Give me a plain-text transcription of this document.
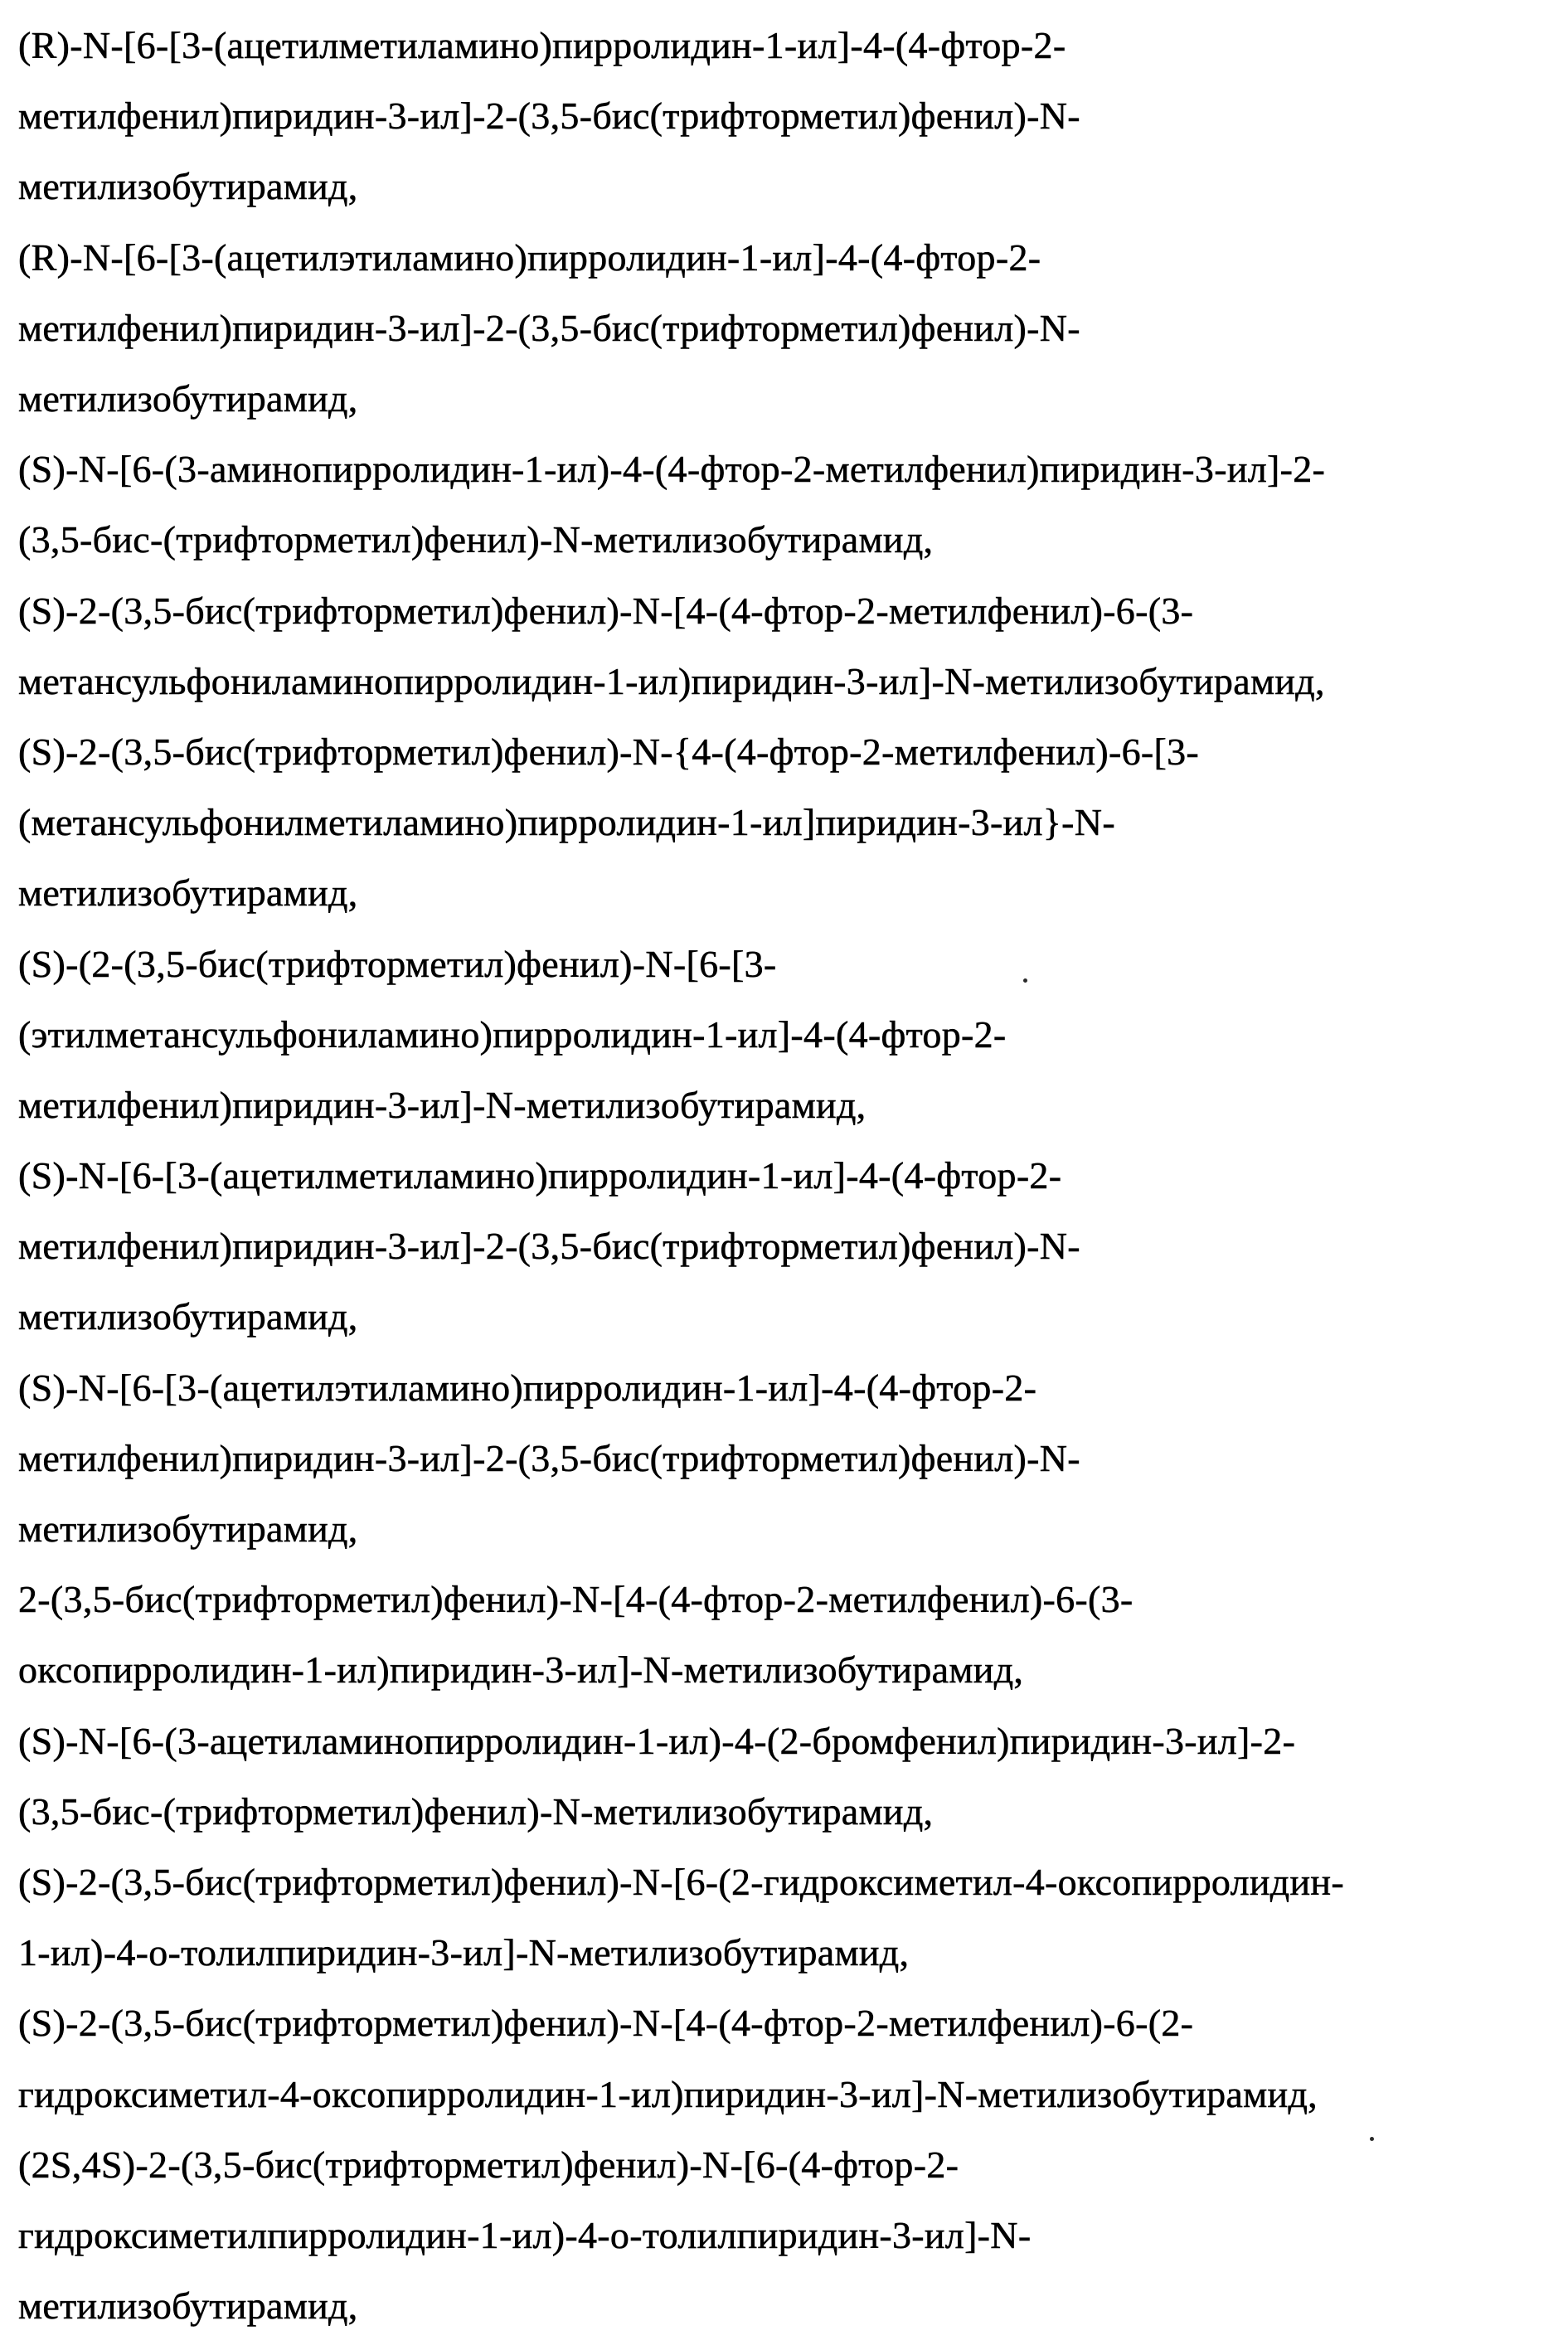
(R)-N-[6-[3-(ацетилметиламино)пирролидин-1-ил]-4-(4-фтор-2-
метилфенил)пиридин-3-ил]-2-(3,5-бис(трифторметил)фенил)-N-
метилизобутирамид,
(R)-N-[6-[3-(ацетилэтиламино)пирролидин-1-ил]-4-(4-фтор-2-
метилфенил)пиридин-3-ил]-2-(3,5-бис(трифторметил)фенил)-N-
метилизобутирамид,
(S)-N-[6-(3-аминопирролидин-1-ил)-4-(4-фтор-2-метилфенил)пиридин-3-ил]-2-
(3,5-бис-(трифторметил)фенил)-N-метилизобутирамид,
(S)-2-(3,5-бис(трифторметил)фенил)-N-[4-(4-фтор-2-метилфенил)-6-(3-
метансульфониламинопирролидин-1-ил)пиридин-3-ил]-N-метилизобутирамид,
(S)-2-(3,5-бис(трифторметил)фенил)-N-{4-(4-фтор-2-метилфенил)-6-[3-
(метансульфонилметиламино)пирролидин-1-ил]пиридин-3-ил}-N-
метилизобутирамид,
(S)-(2-(3,5-бис(трифторметил)фенил)-N-[6-[3-
(этилметансульфониламино)пирролидин-1-ил]-4-(4-фтор-2-
метилфенил)пиридин-3-ил]-N-метилизобутирамид,
(S)-N-[6-[3-(ацетилметиламино)пирролидин-1-ил]-4-(4-фтор-2-
метилфенил)пиридин-3-ил]-2-(3,5-бис(трифторметил)фенил)-N-
метилизобутирамид,
(S)-N-[6-[3-(ацетилэтиламино)пирролидин-1-ил]-4-(4-фтор-2-
метилфенил)пиридин-3-ил]-2-(3,5-бис(трифторметил)фенил)-N-
метилизобутирамид,
2-(3,5-бис(трифторметил)фенил)-N-[4-(4-фтор-2-метилфенил)-6-(3-
оксопирролидин-1-ил)пиридин-3-ил]-N-метилизобутирамид,
(S)-N-[6-(3-ацетиламинопирролидин-1-ил)-4-(2-бромфенил)пиридин-3-ил]-2-
(3,5-бис-(трифторметил)фенил)-N-метилизобутирамид,
(S)-2-(3,5-бис(трифторметил)фенил)-N-[6-(2-гидроксиметил-4-оксопирролидин-
1-ил)-4-о-толилпиридин-3-ил]-N-метилизобутирамид,
(S)-2-(3,5-бис(трифторметил)фенил)-N-[4-(4-фтор-2-метилфенил)-6-(2-
гидроксиметил-4-оксопирролидин-1-ил)пиридин-3-ил]-N-метилизобутирамид,
(2S,4S)-2-(3,5-бис(трифторметил)фенил)-N-[6-(4-фтор-2-
гидроксиметилпирролидин-1-ил)-4-о-толилпиридин-3-ил]-N-
метилизобутирамид,
